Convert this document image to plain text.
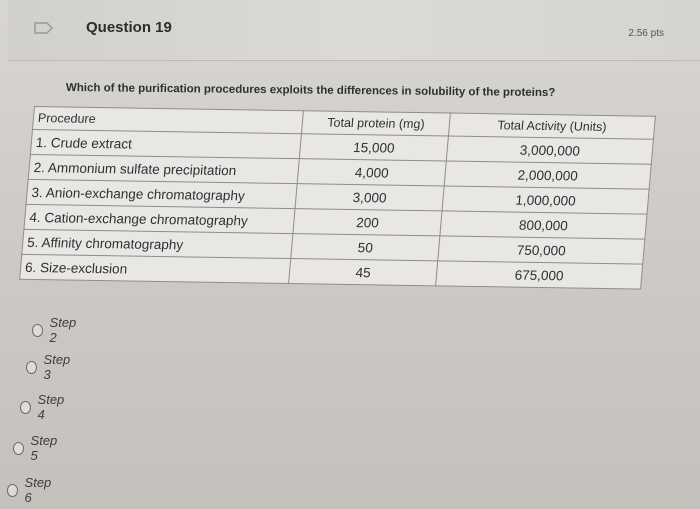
Question 19	2.56 pts
Which of the purification procedures exploits the differences in solubility of the proteins?
Procedure	Total protein (mg)	Total Activity (Units)
1. Crude extract	15,000	3,000,000
2. Ammonium sulfate precipitation	4,000	2,000,000
3. Anion-exchange chromatography	3,000	1,000,000
4. Cation-exchange chromatography	200	800,000
5. Affinity chromatography	50	750,000
6. Size-exclusion	45	675,000
Step 2
Step 3
Step 4
Step 5
Step 6
